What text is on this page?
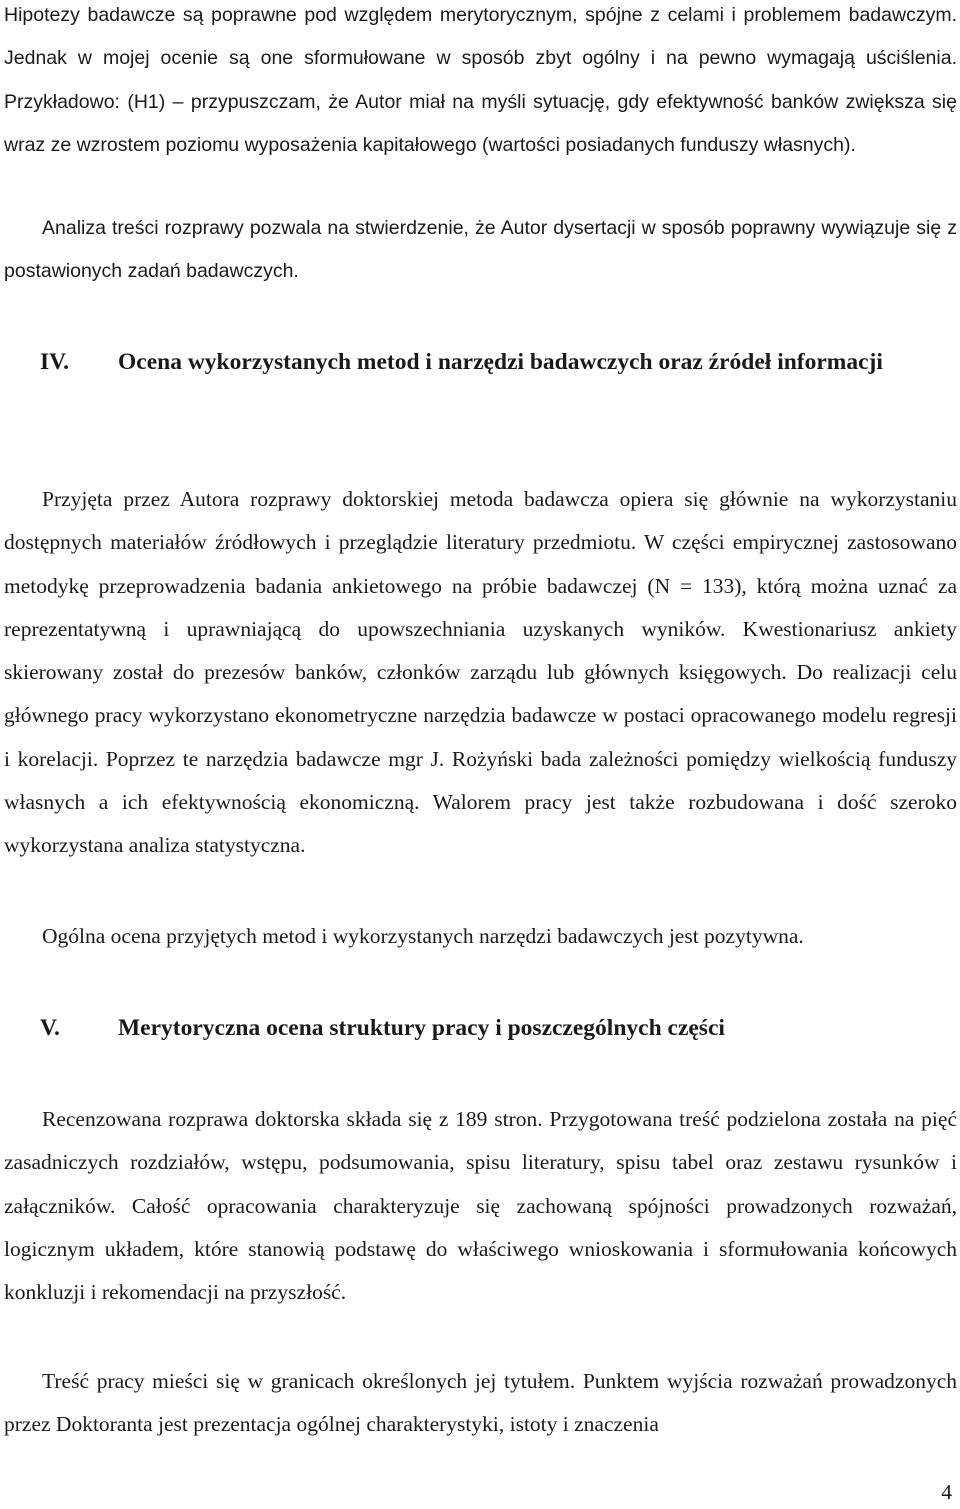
Hipotezy badawcze są poprawne pod względem merytorycznym, spójne z celami i problemem badawczym. Jednak w mojej ocenie są one sformułowane w sposób zbyt ogólny i na pewno wymagają uściślenia. Przykładowo: (H1) – przypuszczam, że Autor miał na myśli sytuację, gdy efektywność banków zwiększa się wraz ze wzrostem poziomu wyposażenia kapitałowego (wartości posiadanych funduszy własnych).

Analiza treści rozprawy pozwala na stwierdzenie, że Autor dysertacji w sposób poprawny wywiązuje się z postawionych zadań badawczych.

IV. Ocena wykorzystanych metod i narzędzi badawczych oraz źródeł informacji

Przyjęta przez Autora rozprawy doktorskiej metoda badawcza opiera się głównie na wykorzystaniu dostępnych materiałów źródłowych i przeglądzie literatury przedmiotu. W części empirycznej zastosowano metodykę przeprowadzenia badania ankietowego na próbie badawczej (N = 133), którą można uznać za reprezentatywną i uprawniającą do upowszechniania uzyskanych wyników. Kwestionariusz ankiety skierowany został do prezesów banków, członków zarządu lub głównych księgowych. Do realizacji celu głównego pracy wykorzystano ekonometryczne narzędzia badawcze w postaci opracowanego modelu regresji i korelacji. Poprzez te narzędzia badawcze mgr J. Rożyński bada zależności pomiędzy wielkością funduszy własnych a ich efektywnością ekonomiczną. Walorem pracy jest także rozbudowana i dość szeroko wykorzystana analiza statystyczna.

Ogólna ocena przyjętych metod i wykorzystanych narzędzi badawczych jest pozytywna.

V. Merytoryczna ocena struktury pracy i poszczególnych części

Recenzowana rozprawa doktorska składa się z 189 stron. Przygotowana treść podzielona została na pięć zasadniczych rozdziałów, wstępu, podsumowania, spisu literatury, spisu tabel oraz zestawu rysunków i załączników. Całość opracowania charakteryzuje się zachowaną spójności prowadzonych rozważań, logicznym układem, które stanowią podstawę do właściwego wnioskowania i sformułowania końcowych konkluzji i rekomendacji na przyszłość.

Treść pracy mieści się w granicach określonych jej tytułem. Punktem wyjścia rozważań prowadzonych przez Doktoranta jest prezentacja ogólnej charakterystyki, istoty i znaczenia

4
